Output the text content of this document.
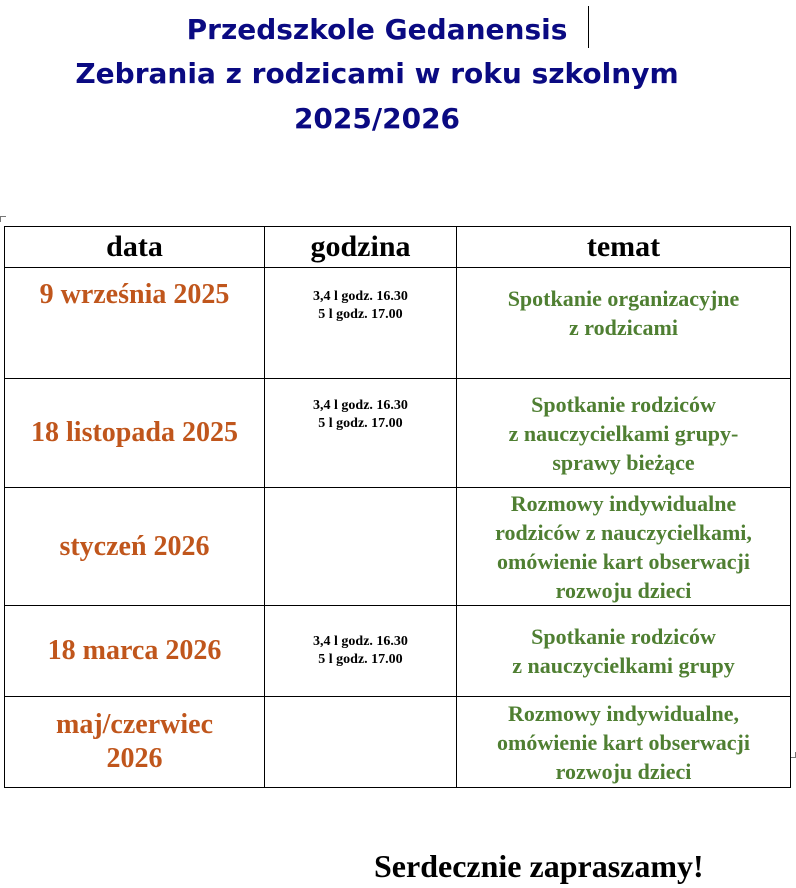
Przedszkole Gedanensis
Zebrania z rodzicami w roku szkolnym
2025/2026
data	godzina	temat

9 września 2025	3,4 l godz. 16.30
5 l godz. 17.00	Spotkanie organizacyjne
z rodzicami

18 listopada 2025	3,4 l godz. 16.30
5 l godz. 17.00	Spotkanie rodziców
z nauczycielkami grupy-
sprawy bieżące

styczeń 2026		Rozmowy indywidualne
rodziców z nauczycielkami,
omówienie kart obserwacji
rozwoju dzieci

18 marca 2026	3,4 l godz. 16.30
5 l godz. 17.00	Spotkanie rodziców
z nauczycielkami grupy

maj/czerwiec
2026		Rozmowy indywidualne,
omówienie kart obserwacji
rozwoju dzieci
Serdecznie zapraszamy!
